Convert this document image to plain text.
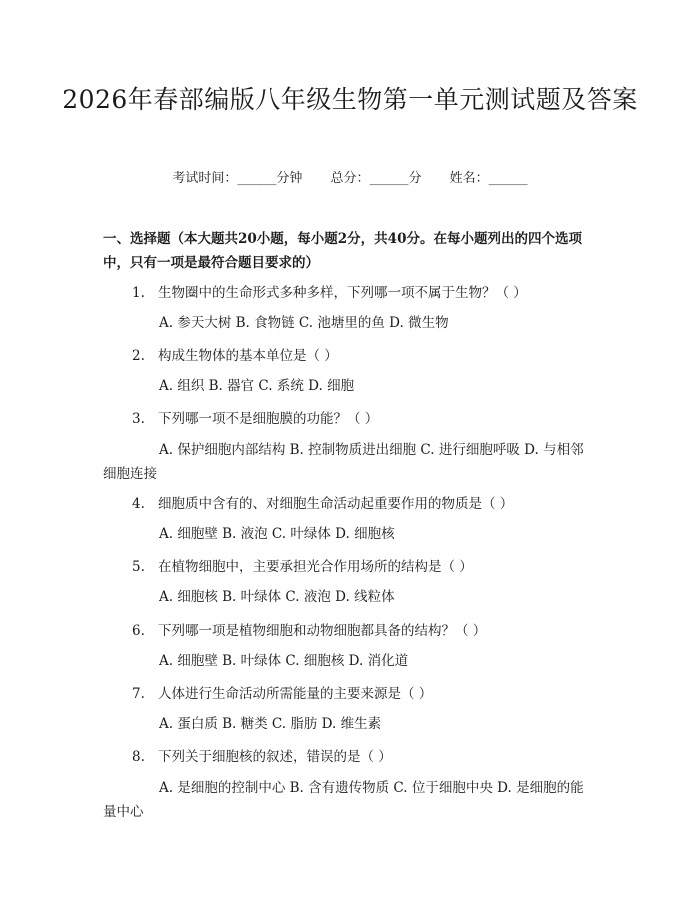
2026年春部编版八年级生物第一单元测试题及答案
考试时间：______分钟 总分：______分 姓名：______
一、选择题（本大题共20小题，每小题2分，共40分。在每小题列出的四个选项中，只有一项是最符合题目要求的）
1. 生物圈中的生命形式多种多样，下列哪一项不属于生物？（ ）
A. 参天大树 B. 食物链 C. 池塘里的鱼 D. 微生物
2. 构成生物体的基本单位是（ ）
A. 组织 B. 器官 C. 系统 D. 细胞
3. 下列哪一项不是细胞膜的功能？（ ）
A. 保护细胞内部结构 B. 控制物质进出细胞 C. 进行细胞呼吸 D. 与相邻细胞连接
4. 细胞质中含有的、对细胞生命活动起重要作用的物质是（ ）
A. 细胞壁 B. 液泡 C. 叶绿体 D. 细胞核
5. 在植物细胞中，主要承担光合作用场所的结构是（ ）
A. 细胞核 B. 叶绿体 C. 液泡 D. 线粒体
6. 下列哪一项是植物细胞和动物细胞都具备的结构？（ ）
A. 细胞壁 B. 叶绿体 C. 细胞核 D. 消化道
7. 人体进行生命活动所需能量的主要来源是（ ）
A. 蛋白质 B. 糖类 C. 脂肪 D. 维生素
8. 下列关于细胞核的叙述，错误的是（ ）
A. 是细胞的控制中心 B. 含有遗传物质 C. 位于细胞中央 D. 是细胞的能量中心
